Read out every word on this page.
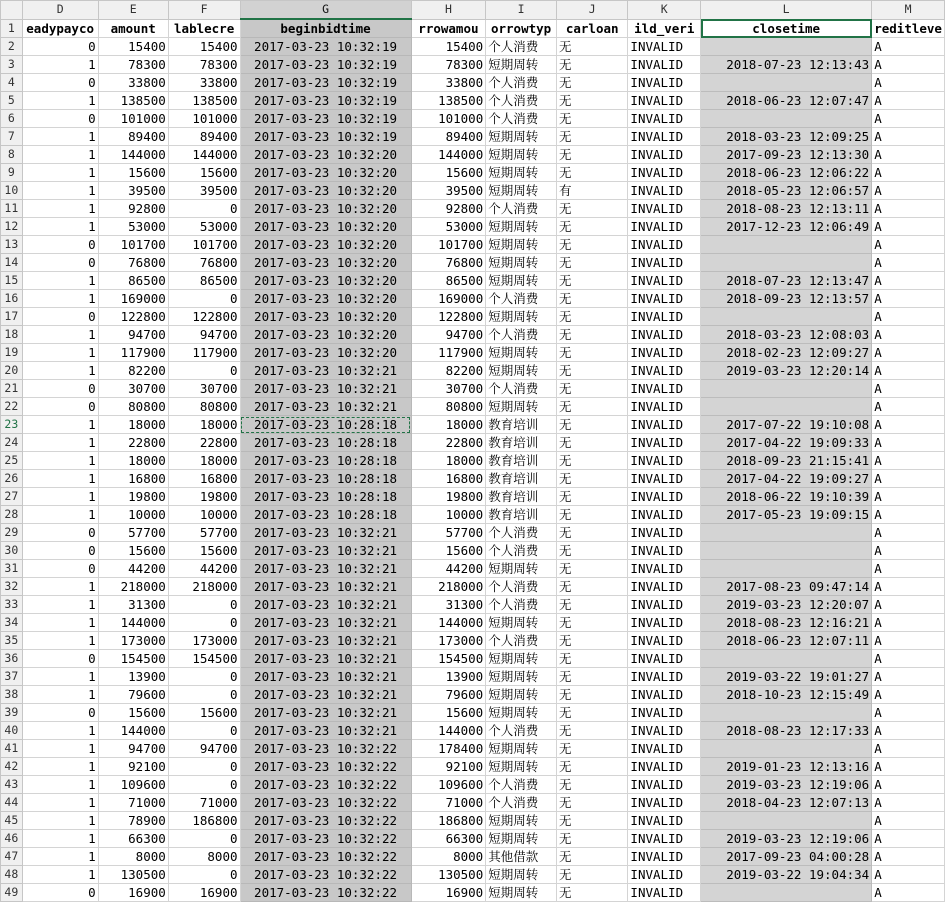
	D	E	F	G	H	I	J	K	L	M
1	eadypayco	amount	lablecre	beginbidtime	rrowamou	orrowtyp	carloan	ild_veri	closetime	reditleve
2	0	15400	15400	2017-03-23 10:32:19	15400	个人消费	无	INVALID		A
3	1	78300	78300	2017-03-23 10:32:19	78300	短期周转	无	INVALID	2018-07-23 12:13:43	A
4	0	33800	33800	2017-03-23 10:32:19	33800	个人消费	无	INVALID		A
5	1	138500	138500	2017-03-23 10:32:19	138500	个人消费	无	INVALID	2018-06-23 12:07:47	A
6	0	101000	101000	2017-03-23 10:32:19	101000	个人消费	无	INVALID		A
7	1	89400	89400	2017-03-23 10:32:19	89400	短期周转	无	INVALID	2018-03-23 12:09:25	A
8	1	144000	144000	2017-03-23 10:32:20	144000	短期周转	无	INVALID	2017-09-23 12:13:30	A
9	1	15600	15600	2017-03-23 10:32:20	15600	短期周转	无	INVALID	2018-06-23 12:06:22	A
10	1	39500	39500	2017-03-23 10:32:20	39500	短期周转	有	INVALID	2018-05-23 12:06:57	A
11	1	92800	0	2017-03-23 10:32:20	92800	个人消费	无	INVALID	2018-08-23 12:13:11	A
12	1	53000	53000	2017-03-23 10:32:20	53000	短期周转	无	INVALID	2017-12-23 12:06:49	A
13	0	101700	101700	2017-03-23 10:32:20	101700	短期周转	无	INVALID		A
14	0	76800	76800	2017-03-23 10:32:20	76800	短期周转	无	INVALID		A
15	1	86500	86500	2017-03-23 10:32:20	86500	短期周转	无	INVALID	2018-07-23 12:13:47	A
16	1	169000	0	2017-03-23 10:32:20	169000	个人消费	无	INVALID	2018-09-23 12:13:57	A
17	0	122800	122800	2017-03-23 10:32:20	122800	短期周转	无	INVALID		A
18	1	94700	94700	2017-03-23 10:32:20	94700	个人消费	无	INVALID	2018-03-23 12:08:03	A
19	1	117900	117900	2017-03-23 10:32:20	117900	短期周转	无	INVALID	2018-02-23 12:09:27	A
20	1	82200	0	2017-03-23 10:32:21	82200	短期周转	无	INVALID	2019-03-23 12:20:14	A
21	0	30700	30700	2017-03-23 10:32:21	30700	个人消费	无	INVALID		A
22	0	80800	80800	2017-03-23 10:32:21	80800	短期周转	无	INVALID		A
23	1	18000	18000	2017-03-23 10:28:18	18000	教育培训	无	INVALID	2017-07-22 19:10:08	A
24	1	22800	22800	2017-03-23 10:28:18	22800	教育培训	无	INVALID	2017-04-22 19:09:33	A
25	1	18000	18000	2017-03-23 10:28:18	18000	教育培训	无	INVALID	2018-09-23 21:15:41	A
26	1	16800	16800	2017-03-23 10:28:18	16800	教育培训	无	INVALID	2017-04-22 19:09:27	A
27	1	19800	19800	2017-03-23 10:28:18	19800	教育培训	无	INVALID	2018-06-22 19:10:39	A
28	1	10000	10000	2017-03-23 10:28:18	10000	教育培训	无	INVALID	2017-05-23 19:09:15	A
29	0	57700	57700	2017-03-23 10:32:21	57700	个人消费	无	INVALID		A
30	0	15600	15600	2017-03-23 10:32:21	15600	个人消费	无	INVALID		A
31	0	44200	44200	2017-03-23 10:32:21	44200	短期周转	无	INVALID		A
32	1	218000	218000	2017-03-23 10:32:21	218000	个人消费	无	INVALID	2017-08-23 09:47:14	A
33	1	31300	0	2017-03-23 10:32:21	31300	个人消费	无	INVALID	2019-03-23 12:20:07	A
34	1	144000	0	2017-03-23 10:32:21	144000	短期周转	无	INVALID	2018-08-23 12:16:21	A
35	1	173000	173000	2017-03-23 10:32:21	173000	个人消费	无	INVALID	2018-06-23 12:07:11	A
36	0	154500	154500	2017-03-23 10:32:21	154500	短期周转	无	INVALID		A
37	1	13900	0	2017-03-23 10:32:21	13900	短期周转	无	INVALID	2019-03-22 19:01:27	A
38	1	79600	0	2017-03-23 10:32:21	79600	短期周转	无	INVALID	2018-10-23 12:15:49	A
39	0	15600	15600	2017-03-23 10:32:21	15600	短期周转	无	INVALID		A
40	1	144000	0	2017-03-23 10:32:21	144000	个人消费	无	INVALID	2018-08-23 12:17:33	A
41	1	94700	94700	2017-03-23 10:32:22	178400	短期周转	无	INVALID		A
42	1	92100	0	2017-03-23 10:32:22	92100	短期周转	无	INVALID	2019-01-23 12:13:16	A
43	1	109600	0	2017-03-23 10:32:22	109600	个人消费	无	INVALID	2019-03-23 12:19:06	A
44	1	71000	71000	2017-03-23 10:32:22	71000	个人消费	无	INVALID	2018-04-23 12:07:13	A
45	1	78900	186800	2017-03-23 10:32:22	186800	短期周转	无	INVALID		A
46	1	66300	0	2017-03-23 10:32:22	66300	短期周转	无	INVALID	2019-03-23 12:19:06	A
47	1	8000	8000	2017-03-23 10:32:22	8000	其他借款	无	INVALID	2017-09-23 04:00:28	A
48	1	130500	0	2017-03-23 10:32:22	130500	短期周转	无	INVALID	2019-03-22 19:04:34	A
49	0	16900	16900	2017-03-23 10:32:22	16900	短期周转	无	INVALID		A
